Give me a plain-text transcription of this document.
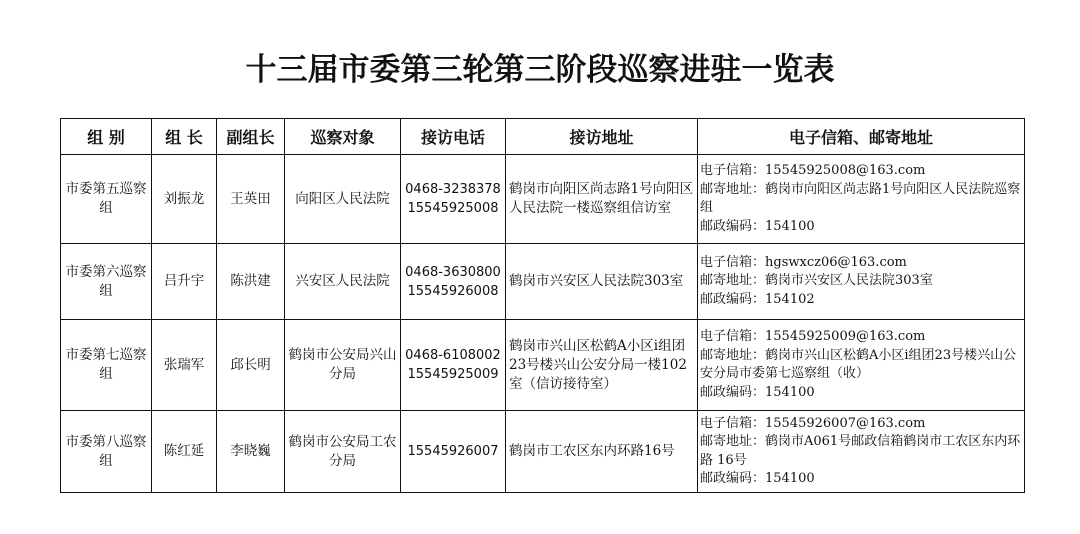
十三届市委第三轮第三阶段巡察进驻一览表
组 别	组 长	副组长	巡察对象	接访电话	接访地址	电子信箱、邮寄地址
市委第五巡察组	刘振龙	王英田	向阳区人民法院	0468-3238378
15545925008	鹤岗市向阳区尚志路1号向阳区人民法院一楼巡察组信访室	电子信箱：15545925008@163.com
邮寄地址：鹤岗市向阳区尚志路1号向阳区人民法院巡察组
邮政编码：154100

市委第六巡察组	吕升宇	陈洪建	兴安区人民法院	0468-3630800
15545926008	鹤岗市兴安区人民法院303室	电子信箱：hgswxcz06@163.com
邮寄地址：鹤岗市兴安区人民法院303室
邮政编码：154102

市委第七巡察组	张瑞军	邱长明	鹤岗市公安局兴山分局	0468-6108002
15545925009	鹤岗市兴山区松鹤A小区i组团23号楼兴山公安分局一楼102室（信访接待室）	电子信箱：15545925009@163.com
邮寄地址：鹤岗市兴山区松鹤A小区i组团23号楼兴山公安分局市委第七巡察组（收）
邮政编码：154100

市委第八巡察组	陈红延	李晓巍	鹤岗市公安局工农分局	15545926007	鹤岗市工农区东内环路16号	电子信箱：15545926007@163.com
邮寄地址：鹤岗市A061号邮政信箱鹤岗市工农区东内环路 16号
邮政编码：154100
